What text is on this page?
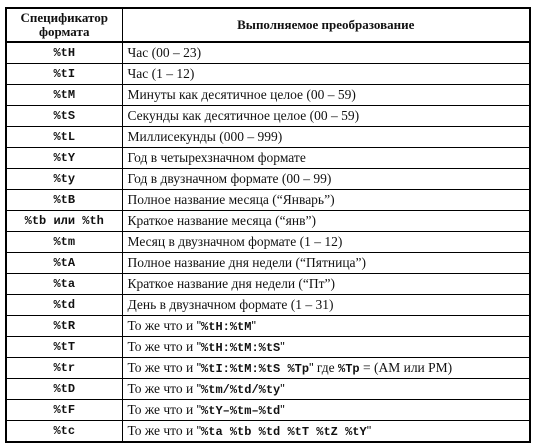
Спецификатор формата	Выполняемое преобразование
%tH	Час (00 – 23)
%tI	Час (1 – 12)
%tM	Минуты как десятичное целое (00 – 59)
%tS	Секунды как десятичное целое (00 – 59)
%tL	Миллисекунды (000 – 999)
%tY	Год в четырехзначном формате
%ty	Год в двузначном формате (00 – 99)
%tB	Полное название месяца (“Январь”)
%tb или %th	Краткое название месяца (“янв”)
%tm	Месяц в двузначном формате (1 – 12)
%tA	Полное название дня недели (“Пятница”)
%ta	Краткое название дня недели (“Пт”)
%td	День в двузначном формате (1 – 31)
%tR	То же что и "%tH:%tM"
%tT	То же что и "%tH:%tM:%tS"
%tr	То же что и "%tI:%tM:%tS %Tp" где %Tp = (AM или PM)
%tD	То же что и "%tm/%td/%ty"
%tF	То же что и "%tY–%tm–%td"
%tc	То же что и "%ta %tb %td %tT %tZ %tY"
